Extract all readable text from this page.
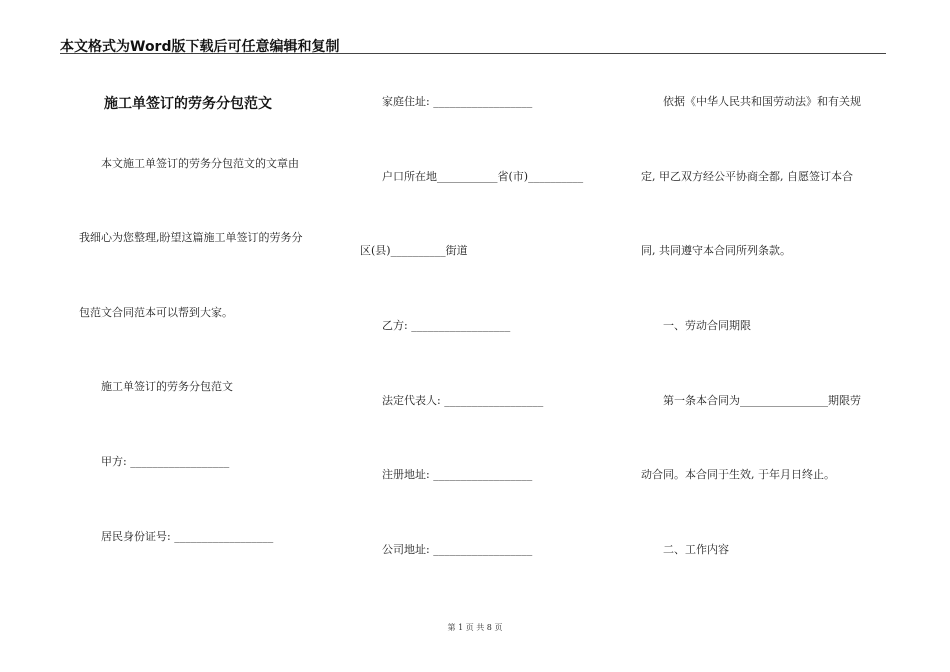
本文格式为Word版下载后可任意编辑和复制
施工单签订的劳务分包范文
本文施工单签订的劳务分包范文的文章由
我细心为您整理,盼望这篇施工单签订的劳务分
包范文合同范本可以帮到大家。
施工单签订的劳务分包范文
甲方: __________________
居民身份证号: __________________
家庭住址: __________________
户口所在地___________省(市)__________
区(县)__________街道
乙方: __________________
法定代表人: __________________
注册地址: __________________
公司地址: __________________
依据《中华人民共和国劳动法》和有关规
定, 甲乙双方经公平协商全都, 自愿签订本合
同, 共同遵守本合同所列条款。
一、劳动合同期限
第一条本合同为________________期限劳
动合同。本合同于生效, 于年月日终止。
二、工作内容
第 1 页 共 8 页
